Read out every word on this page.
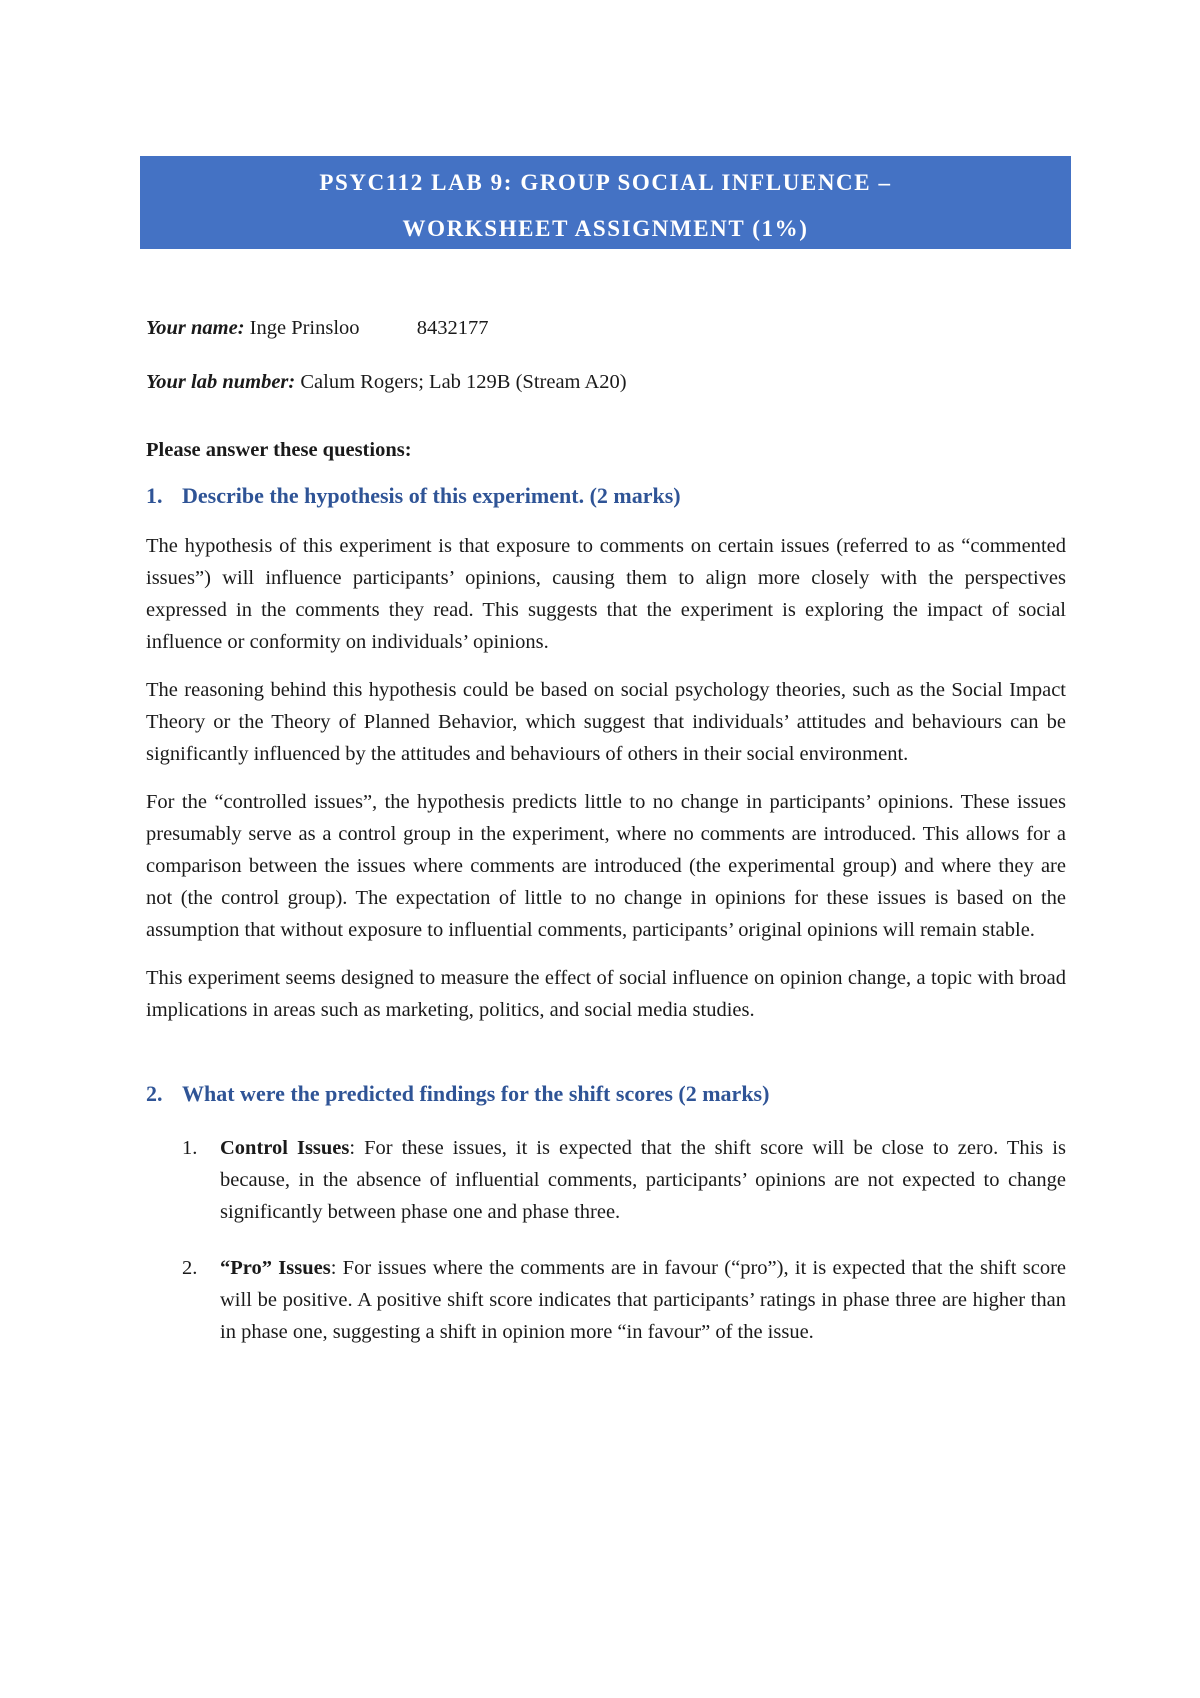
PSYC112 LAB 9: GROUP SOCIAL INFLUENCE –
WORKSHEET ASSIGNMENT (1%)
Your name: Inge Prinsloo	8432177
Your lab number: Calum Rogers; Lab 129B (Stream A20)
Please answer these questions:
1. Describe the hypothesis of this experiment. (2 marks)

The hypothesis of this experiment is that exposure to comments on certain issues (referred to as “commented issues”) will influence participants’ opinions, causing them to align more closely with the perspectives expressed in the comments they read. This suggests that the experiment is exploring the impact of social influence or conformity on individuals’ opinions.

The reasoning behind this hypothesis could be based on social psychology theories, such as the Social Impact Theory or the Theory of Planned Behavior, which suggest that individuals’ attitudes and behaviours can be significantly influenced by the attitudes and behaviours of others in their social environment.

For the “controlled issues”, the hypothesis predicts little to no change in participants’ opinions. These issues presumably serve as a control group in the experiment, where no comments are introduced. This allows for a comparison between the issues where comments are introduced (the experimental group) and where they are not (the control group). The expectation of little to no change in opinions for these issues is based on the assumption that without exposure to influential comments, participants’ original opinions will remain stable.

This experiment seems designed to measure the effect of social influence on opinion change, a topic with broad implications in areas such as marketing, politics, and social media studies.

2. What were the predicted findings for the shift scores (2 marks)
1. Control Issues: For these issues, it is expected that the shift score will be close to zero. This is because, in the absence of influential comments, participants’ opinions are not expected to change significantly between phase one and phase three.
2. “Pro” Issues: For issues where the comments are in favour (“pro”), it is expected that the shift score will be positive. A positive shift score indicates that participants’ ratings in phase three are higher than in phase one, suggesting a shift in opinion more “in favour” of the issue.
